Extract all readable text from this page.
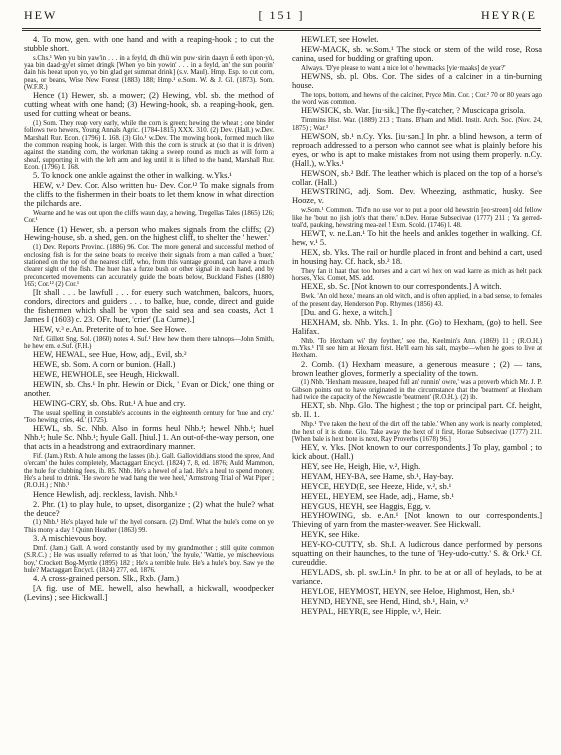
HEW	[ 151 ]	HEYR(E

4. To mow, gen. with one hand and with a reaping-hook ; to cut the stubble short.

s.Chs.¹ Wen yu bin yaw'in . . . in a feyld, dh dhü win puw·sirin daayn ǘ eeth ùpon·yò, yaa bin daad·gy'et sümet dringk [When yo bin yowin' . . . in a feyld, an' the sun pourin' dain his heeat upon yo, yo bin glad get summat drink] (s.v. Maul). Hmp. Esp. to cut corn, peas, or beans, Wise New Forest (1883) 188; Hmp.¹ e.Som. W. & J. Gl. (1873). Som. (W.F.R.)

Hence (1) Hewer, sb. a mower; (2) Hewing, vbl. sb. the method of cutting wheat with one hand; (3) Hewing-hook, sb. a reaping-hook, gen. used for cutting wheat or beans.

(1) Som. They reap very early, while the corn is green; hewing the wheat ; one binder follows two hewers, Young Annals Agric. (1784-1815) XXX. 310. (2) Dev. (Hall.) w.Dev. Marshall Rur. Econ. (1796) I. 168. (3) Glo.¹ w.Dev. The mowing hook, formed much like the common reaping hook, is larger. With this the corn is struck at (so that it is driven) against the standing corn, the workman taking a sweep round as much as will form a sheaf, supporting it with the left arm and leg until it is lifted to the band, Marshall Rur. Econ. (1796) I. 168.

5. To knock one ankle against the other in walking. w.Yks.¹

HEW, v.² Dev. Cor. Also written hu- Dev. Cor.¹² To make signals from the cliffs to the fishermen in their boats to let them know in what direction the pilchards are.

Wearne and he was out upon the cliffs waun day, a hewing, Tregellas Tales (1865) 126; Cor.¹

Hence (1) Hewer, sb. a person who makes signals from the cliffs; (2) Hewing-house, sb. a shed, gen. on the highest cliff, to shelter the ' hewer.'

(1) Dev. Reports Provinc. (1886) 96. Cor. The more general and successful method of enclosing fish is for the seine boats to receive their signals from a man called a 'huer,' stationed on the top of the nearest cliff, who, from this vantage ground, can have a much clearer sight of the fish. The huer has a furze bush or other signal in each hand, and by preconcerted movements can accurately guide the boats below, Buckland Fishes (1880) 165; Cor.¹² (2) Cor.¹

[It shall . . . be lawfull . . . for euery such watchmen, balcors, huors, condors, directors and guiders . . . to balke, hue, conde, direct and guide the fishermen which shall be vpon the said sea and sea coasts, Act 1 James I (1603) c. 23. OFr. huer, 'crier' (La Curne).]

HEW, v.³ e.An. Preterite of to hoe. See Howe.

Nrf. Gillett Sng. Sol. (1860) notes 4. Suf.¹ Hew hew them there tahnops—John Smith, he hew em. e.Suf. (F.H.)

HEW, HEWAL, see Hue, How, adj., Evil, sb.²

HEWE, sb. Som. A corn or bunion. (Hall.)

HEWE, HEWHOLE, see Heugh, Hickwall.

HEWIN, sb. Chs.¹ In phr. Hewin or Dick, ' Evan or Dick,' one thing or another.

HEWING-CRY, sb. Obs. Rut.¹ A hue and cry.

The usual spelling in constable's accounts in the eighteenth century for 'hue and cry.' 'Too hewing cries, 4d.' (1725).

HEWL, sb. Sc. Nhb. Also in forms heul Nhb.¹; hewel Nhb.¹; huel Nhb.¹; hule Sc. Nhb.¹; hyule Gall. [hiul.] 1. An out-of-the-way person, one that acts in a headstrong and extraordinary manner.

Fif. (Jam.) Rxb. A hule among the lasses (ib.). Gall. Galloviddians stood the spree, And o'ercam' the hules completely, Mactaggart Encycl. (1824) 7, 8, ed. 1876; Auld Mammon, the hule for clubbing fees, ib. 85. Nhb. He's a hewel of a lad. He's a heul to spend money. He's a heul to drink. 'He swore he wad hang the wee heel,' Armstrong Trial of Wat Piper ; (R.O.H.) ; Nhb.¹

Hence Hewlish, adj. reckless, lavish. Nhb.¹

2. Phr. (1) to play hule, to upset, disorganize ; (2) what the hule? what the deuce?

(1) Nhb.¹ He's played hule wi' the hyel consarn. (2) Dmf. What the hule's come on ye This mony a day ! Quinn Heather (1863) 99.

3. A mischievous boy.

Dmf. (Jam.) Gall. A word constantly used by my grandmother ; still quite common (S.R.C.) ; He was usually referred to as 'that loon,' 'the hyule,' 'Wattie, ye mischeevious boy,' Crockett Bog-Myrtle (1895) 182 ; He's a terrible hule. He's a hule's boy. Saw ye the hule? Mactaggart Encycl. (1824) 277, ed. 1876.

4. A cross-grained person. Slk., Rxb. (Jam.)

[A fig. use of ME. hewell, also hewhall, a hickwall, woodpecker (Levins) ; see Hickwall.]

HEWLET, see Howlet.

HEW-MACK, sb. w.Som.¹ The stock or stem of the wild rose, Rosa canina, used for budding or grafting upon.

Always. 'D'ye please to want a nice lot o' hewmacks [yie·maaks] de year?'

HEWNS, sb. pl. Obs. Cor. The sides of a calciner in a tin-burning house.

The tops, bottom, and hewns of the calciner, Pryce Min. Cor. ; Cor.² 70 or 80 years ago the word was common.

HEWSICK, sb. War. [iu·sik.] The fly-catcher, ? Muscicapa grisola.

Timmins Hist. War. (1889) 213 ; Trans. B'ham and Midl. Instit. Arch. Soc. (Nov. 24, 1875) ; War.³

HEWSON, sb.¹ n.Cy. Yks. [iu·sən.] In phr. a blind hewson, a term of reproach addressed to a person who cannot see what is plainly before his eyes, or who is apt to make mistakes from not using them properly. n.Cy. (Hall.), w.Yks.¹

HEWSON, sb.² Bdf. The leather which is placed on the top of a horse's collar. (Hall.)

HEWSTRING, adj. Som. Dev. Wheezing, asthmatic, husky. See Hooze, v.

w.Som.¹ Common. 'Tid'n no use vor to put a poor old hewstrin [eo·streen] old fellow like he 'bout no jish job's that there.' n.Dev. Horae Subsecivae (1777) 211 ; Ya gerred-teal'd, pauking, hewstring mea-zel ! Exm. Scold. (1746) l. 48.

HEWT, v. ne.Lan.¹ To hit the heels and ankles together in walking. Cf. hew, v.¹ 5.

HEX, sb. Yks. The rail or hurdle placed in front and behind a cart, used in housing hay. Cf. hack, sb.² 18.

They fan it haat that too horses and a cart wi hex on wad karre as mich as helt pack horses, Yks. Comet, MS. add.

HEXE, sb. Sc. [Not known to our correspondents.] A witch.

Bwk. 'An old hexe,' means an old witch, and is often applied, in a bad sense, to females of the present day, Henderson Pop. Rhymes (1856) 43.

[Du. and G. hexe, a witch.]

HEXHAM, sb. Nhb. Yks. 1. In phr. (Go) to Hexham, (go) to hell. See Halifax.

Nhb. 'To Hexham wi' thy feyther,' see the, Keelmin's Ann. (1869) 11 ; (R.O.H.) m.Yks.¹ I'll see him at Hexam first. He'll earn his salt, maybe—when he goes to live at Hexham.

2. Comb. (1) Hexham measure, a generous measure ; (2) — tans, brown leather gloves, formerly a speciality of the town.

(1) Nhb. 'Hexham measure, heaped full an' runnin' owre,' was a proverb which Mr. J. P. Gibson points out to have originated in the circumstance that the 'beatment' at Hexham had twice the capacity of the Newcastle 'beatment' (R.O.H.). (2) ib.

HEXT, sb. Nhp. Glo. The highest ; the top or principal part. Cf. height, sb. II. 1.

Nhp.¹ 'I've taken the hext of the dirt off the table.' When any work is nearly completed, the hext of it is done. Glo. Take away the hext of it first, Horae Subsecivae (1777) 211. [When bale is hext bote is next, Ray Proverbs (1678) 96.]

HEY, v. Yks. [Not known to our correspondents.] To play, gambol ; to kick about. (Hall.)

HEY, see He, Heigh, Hie, v.², High.

HEYAM, HEY-BA, see Hame, sb.¹, Hay-bay.

HEYCE, HEYD(E, see Heeze, Hide, v.², sb.¹

HEYEL, HEYEM, see Hade, adj., Hame, sb.¹

HEYGUS, HEYH, see Haggis, Egg, v.

HEYHOWING, sb. e.An.¹ [Not known to our correspondents.] Thieving of yarn from the master-weaver. See Hickwall.

HEYK, see Hike.

HEY-KO-CUTTY, sb. Sh.I. A ludicrous dance performed by persons squatting on their haunches, to the tune of 'Hey-udo-cutty.' S. & Ork.¹ Cf. cureuddie.

HEYLADS, sb. pl. sw.Lin.¹ In phr. to be at or all of heylads, to be at variance.

HEYLOE, HEYMOST, HEYN, see Heloe, Highmost, Hen, sb.¹

HEYND, HEYNE, see Hend, Hind, sb.¹, Hain, v.³

HEYPAL, HEYR(E, see Hipple, v.², Heir.
